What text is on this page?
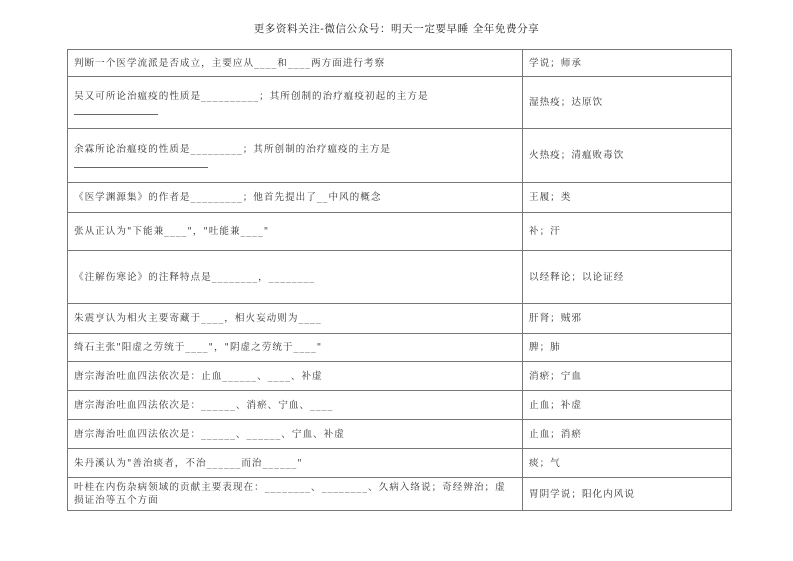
更多资料关注-微信公众号：明天一定要早睡 全年免费分享
判断一个医学流派是否成立，主要应从____和____两方面进行考察	学说；师承
吴又可所论治瘟疫的性质是__________；其所创制的治疗瘟疫初起的主方是	湿热疫；达原饮
余霖所论治瘟疫的性质是_________；其所创制的治疗瘟疫的主方是	火热疫；清瘟败毒饮
《医学渊源集》的作者是_________；他首先提出了__中风的概念	王履；类
张从正认为"下能兼____"，"吐能兼____"	补；汗
《注解伤寒论》的注释特点是________，________	以经释论；以论证经
朱震亨认为相火主要寄藏于____，相火妄动则为____	肝肾；贼邪
绮石主张"阳虚之劳统于____"，"阴虚之劳统于____"	脾；肺
唐宗海治吐血四法依次是：止血______、____、补虚	消瘀；宁血
唐宗海治吐血四法依次是：______、消瘀、宁血、____	止血；补虚
唐宗海治吐血四法依次是：______、______、宁血、补虚	止血；消瘀
朱丹溪认为"善治痰者，不治______而治______"	痰；气
叶桂在内伤杂病领域的贡献主要表现在：________、________、久病入络说；奇经辨治；虚损证治等五个方面	胃阴学说；阳化内风说
